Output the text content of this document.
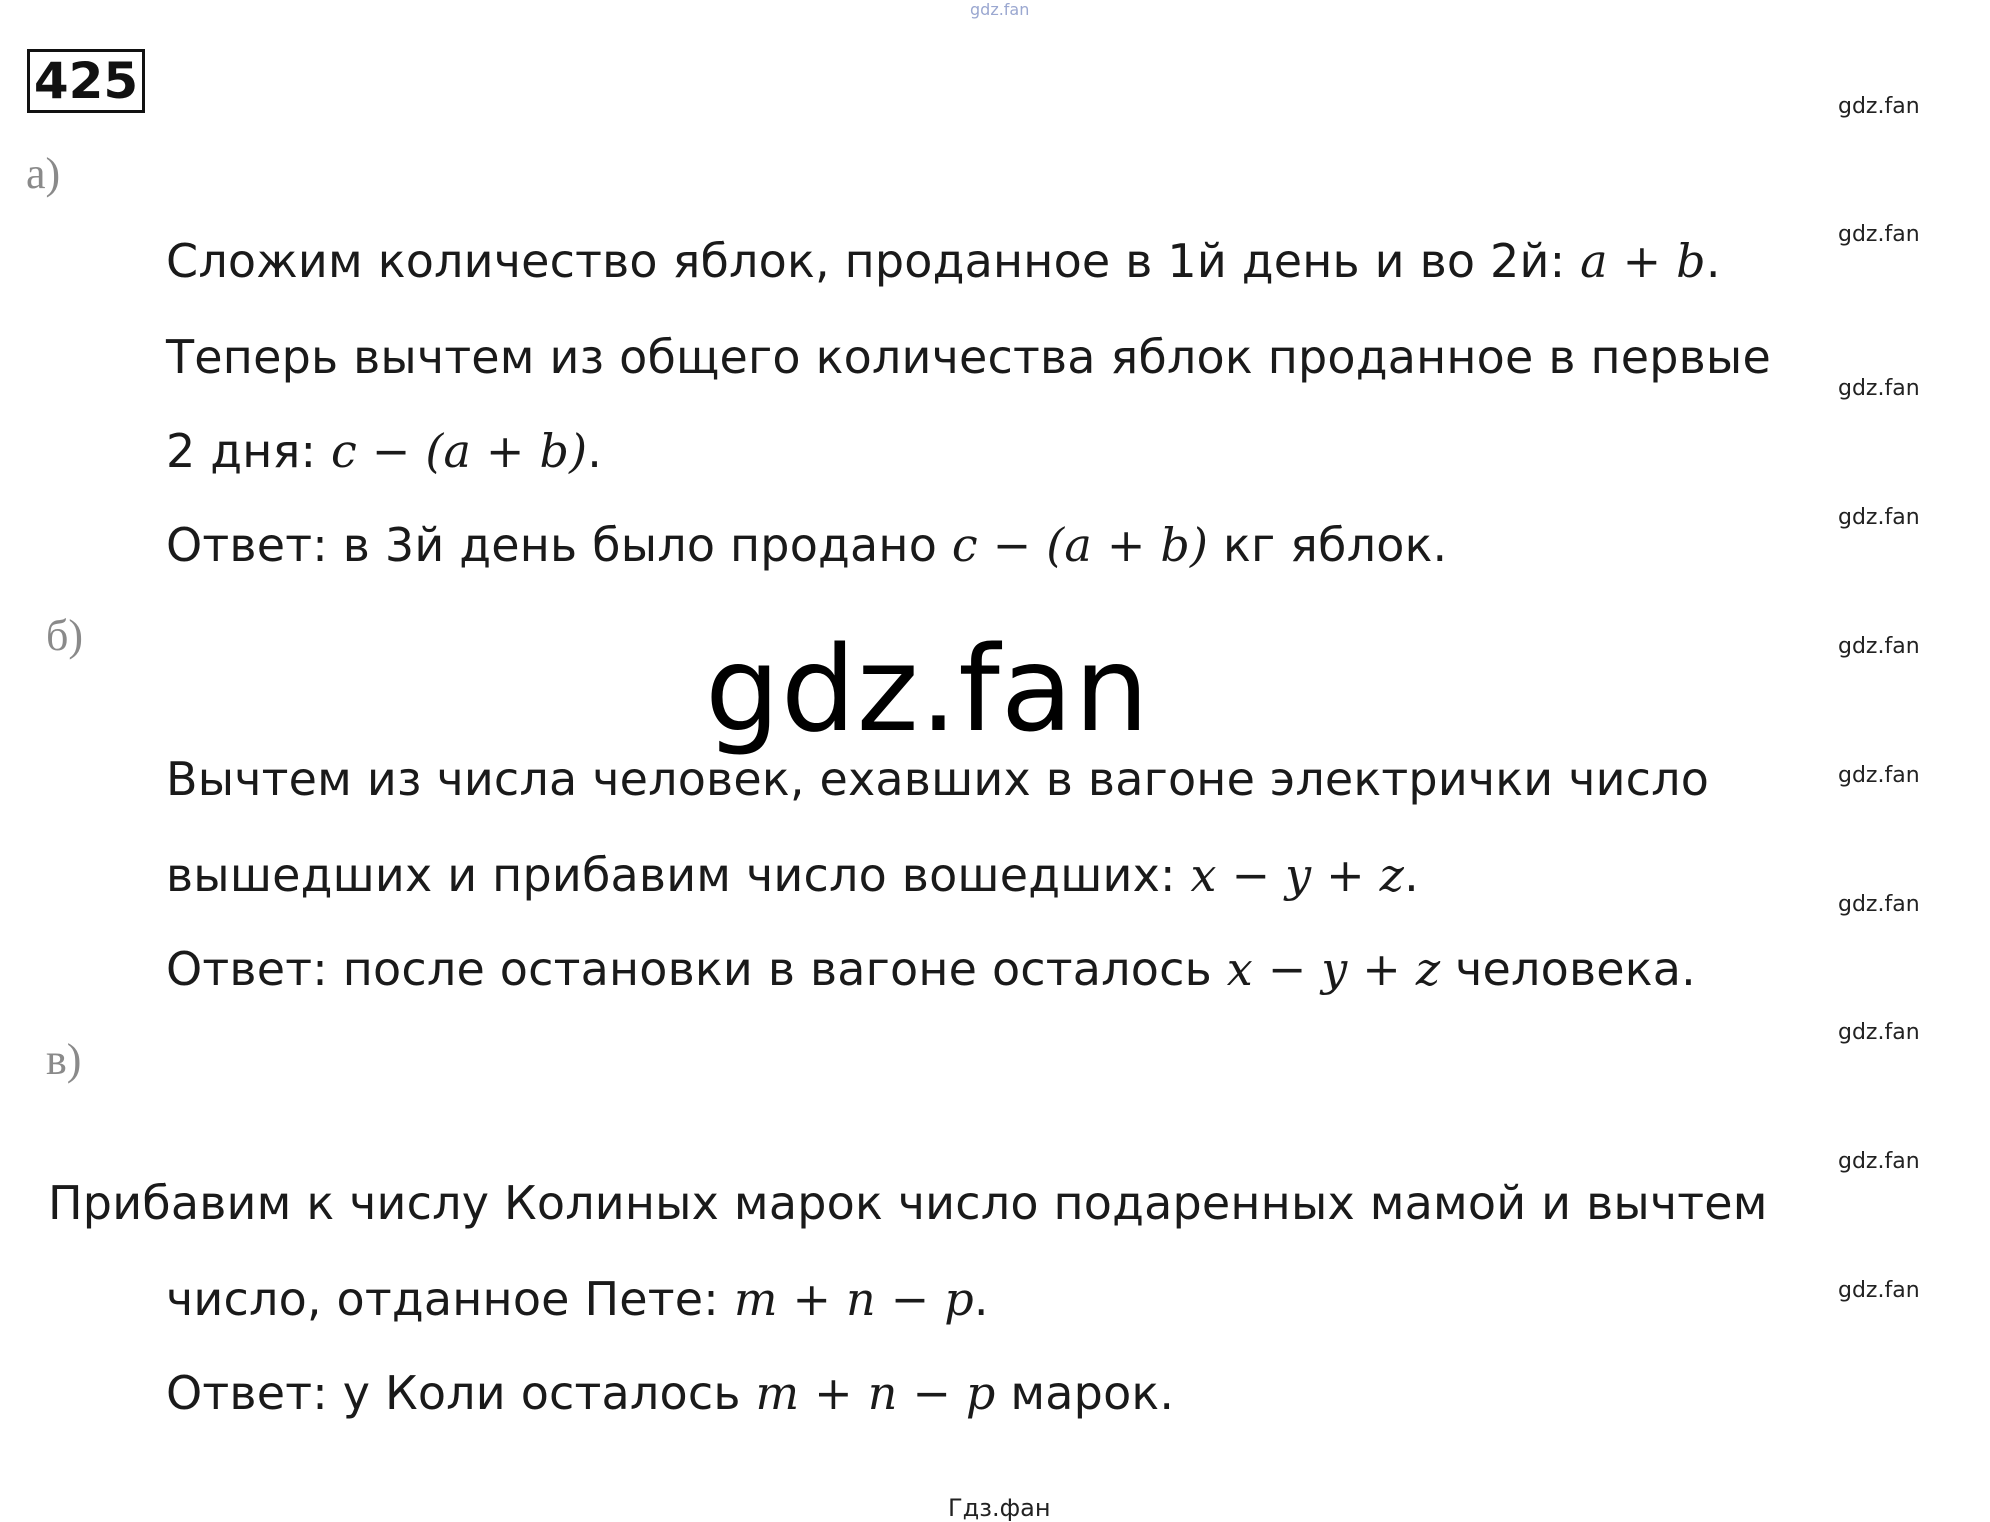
gdz.fan
425	gdz.fan
gdz.fan
gdz.fan
gdz.fan
gdz.fan
gdz.fan
gdz.fan
gdz.fan
gdz.fan
gdz.fan
а)
Сложим количество яблок, проданное в 1й день и во 2й: a + b.
Теперь вычтем из общего количества яблок проданное в первые
2 дня: c − (a + b).
Ответ: в 3й день было продано c − (a + b) кг яблок.
б)	gdz.fan
Вычтем из числа человек, ехавших в вагоне электрички число
вышедших и прибавим число вошедших: x − y + z.
Ответ: после остановки в вагоне осталось x − y + z человека.
в)
Прибавим к числу Колиных марок число подаренных мамой и вычтем
число, отданное Пете: m + n − p.
Ответ: у Коли осталось m + n − p марок.
Гдз.фан
